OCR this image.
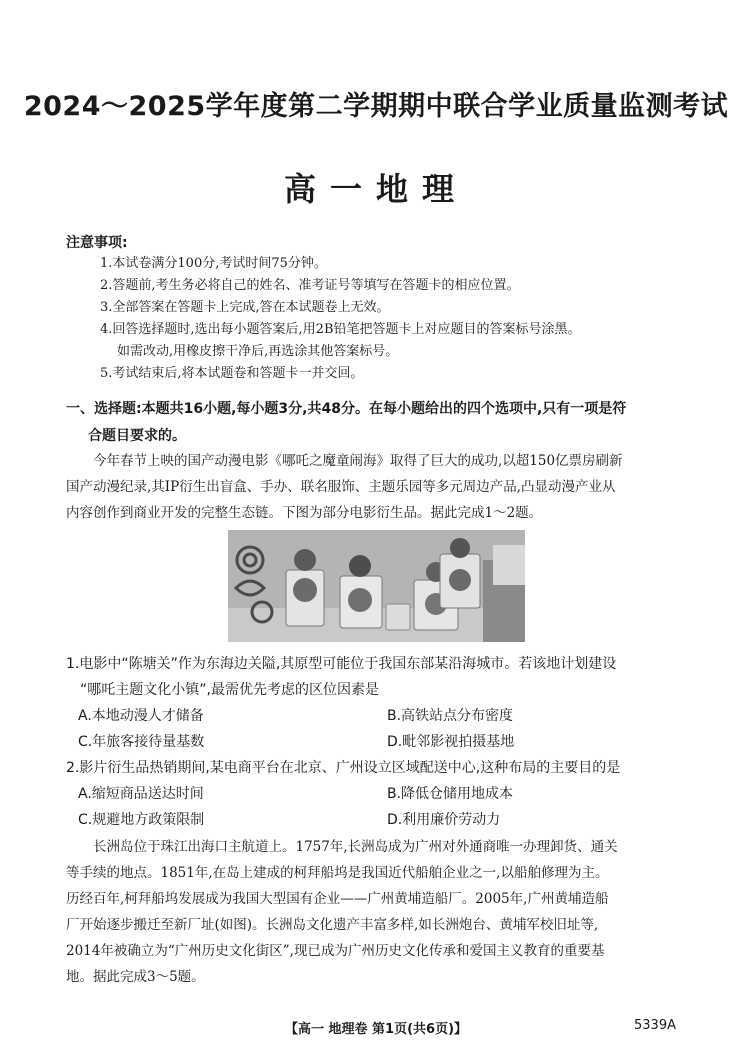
2024～2025学年度第二学期期中联合学业质量监测考试
高一地理
注意事项:
1.本试卷满分100分,考试时间75分钟。
2.答题前,考生务必将自己的姓名、准考证号等填写在答题卡的相应位置。
3.全部答案在答题卡上完成,答在本试题卷上无效。
4.回答选择题时,选出每小题答案后,用2B铅笔把答题卡上对应题目的答案标号涂黑。
如需改动,用橡皮擦干净后,再选涂其他答案标号。
5.考试结束后,将本试题卷和答题卡一并交回。
一、选择题:本题共16小题,每小题3分,共48分。在每小题给出的四个选项中,只有一项是符
合题目要求的。
今年春节上映的国产动漫电影《哪吒之魔童闹海》取得了巨大的成功,以超150亿票房刷新
国产动漫纪录,其IP衍生出盲盒、手办、联名服饰、主题乐园等多元周边产品,凸显动漫产业从
内容创作到商业开发的完整生态链。下图为部分电影衍生品。据此完成1～2题。
1.电影中“陈塘关”作为东海边关隘,其原型可能位于我国东部某沿海城市。若该地计划建设
“哪吒主题文化小镇”,最需优先考虑的区位因素是
A.本地动漫人才储备	B.高铁站点分布密度
C.年旅客接待量基数	D.毗邻影视拍摄基地
2.影片衍生品热销期间,某电商平台在北京、广州设立区域配送中心,这种布局的主要目的是
A.缩短商品送达时间	B.降低仓储用地成本
C.规避地方政策限制	D.利用廉价劳动力
长洲岛位于珠江出海口主航道上。1757年,长洲岛成为广州对外通商唯一办理卸货、通关
等手续的地点。1851年,在岛上建成的柯拜船坞是我国近代船舶企业之一,以船舶修理为主。
历经百年,柯拜船坞发展成为我国大型国有企业——广州黄埔造船厂。2005年,广州黄埔造船
厂开始逐步搬迁至新厂址(如图)。长洲岛文化遗产丰富多样,如长洲炮台、黄埔军校旧址等,
2014年被确立为“广州历史文化街区”,现已成为广州历史文化传承和爱国主义教育的重要基
地。据此完成3～5题。
【高一 地理卷 第1页(共6页)】	5339A
